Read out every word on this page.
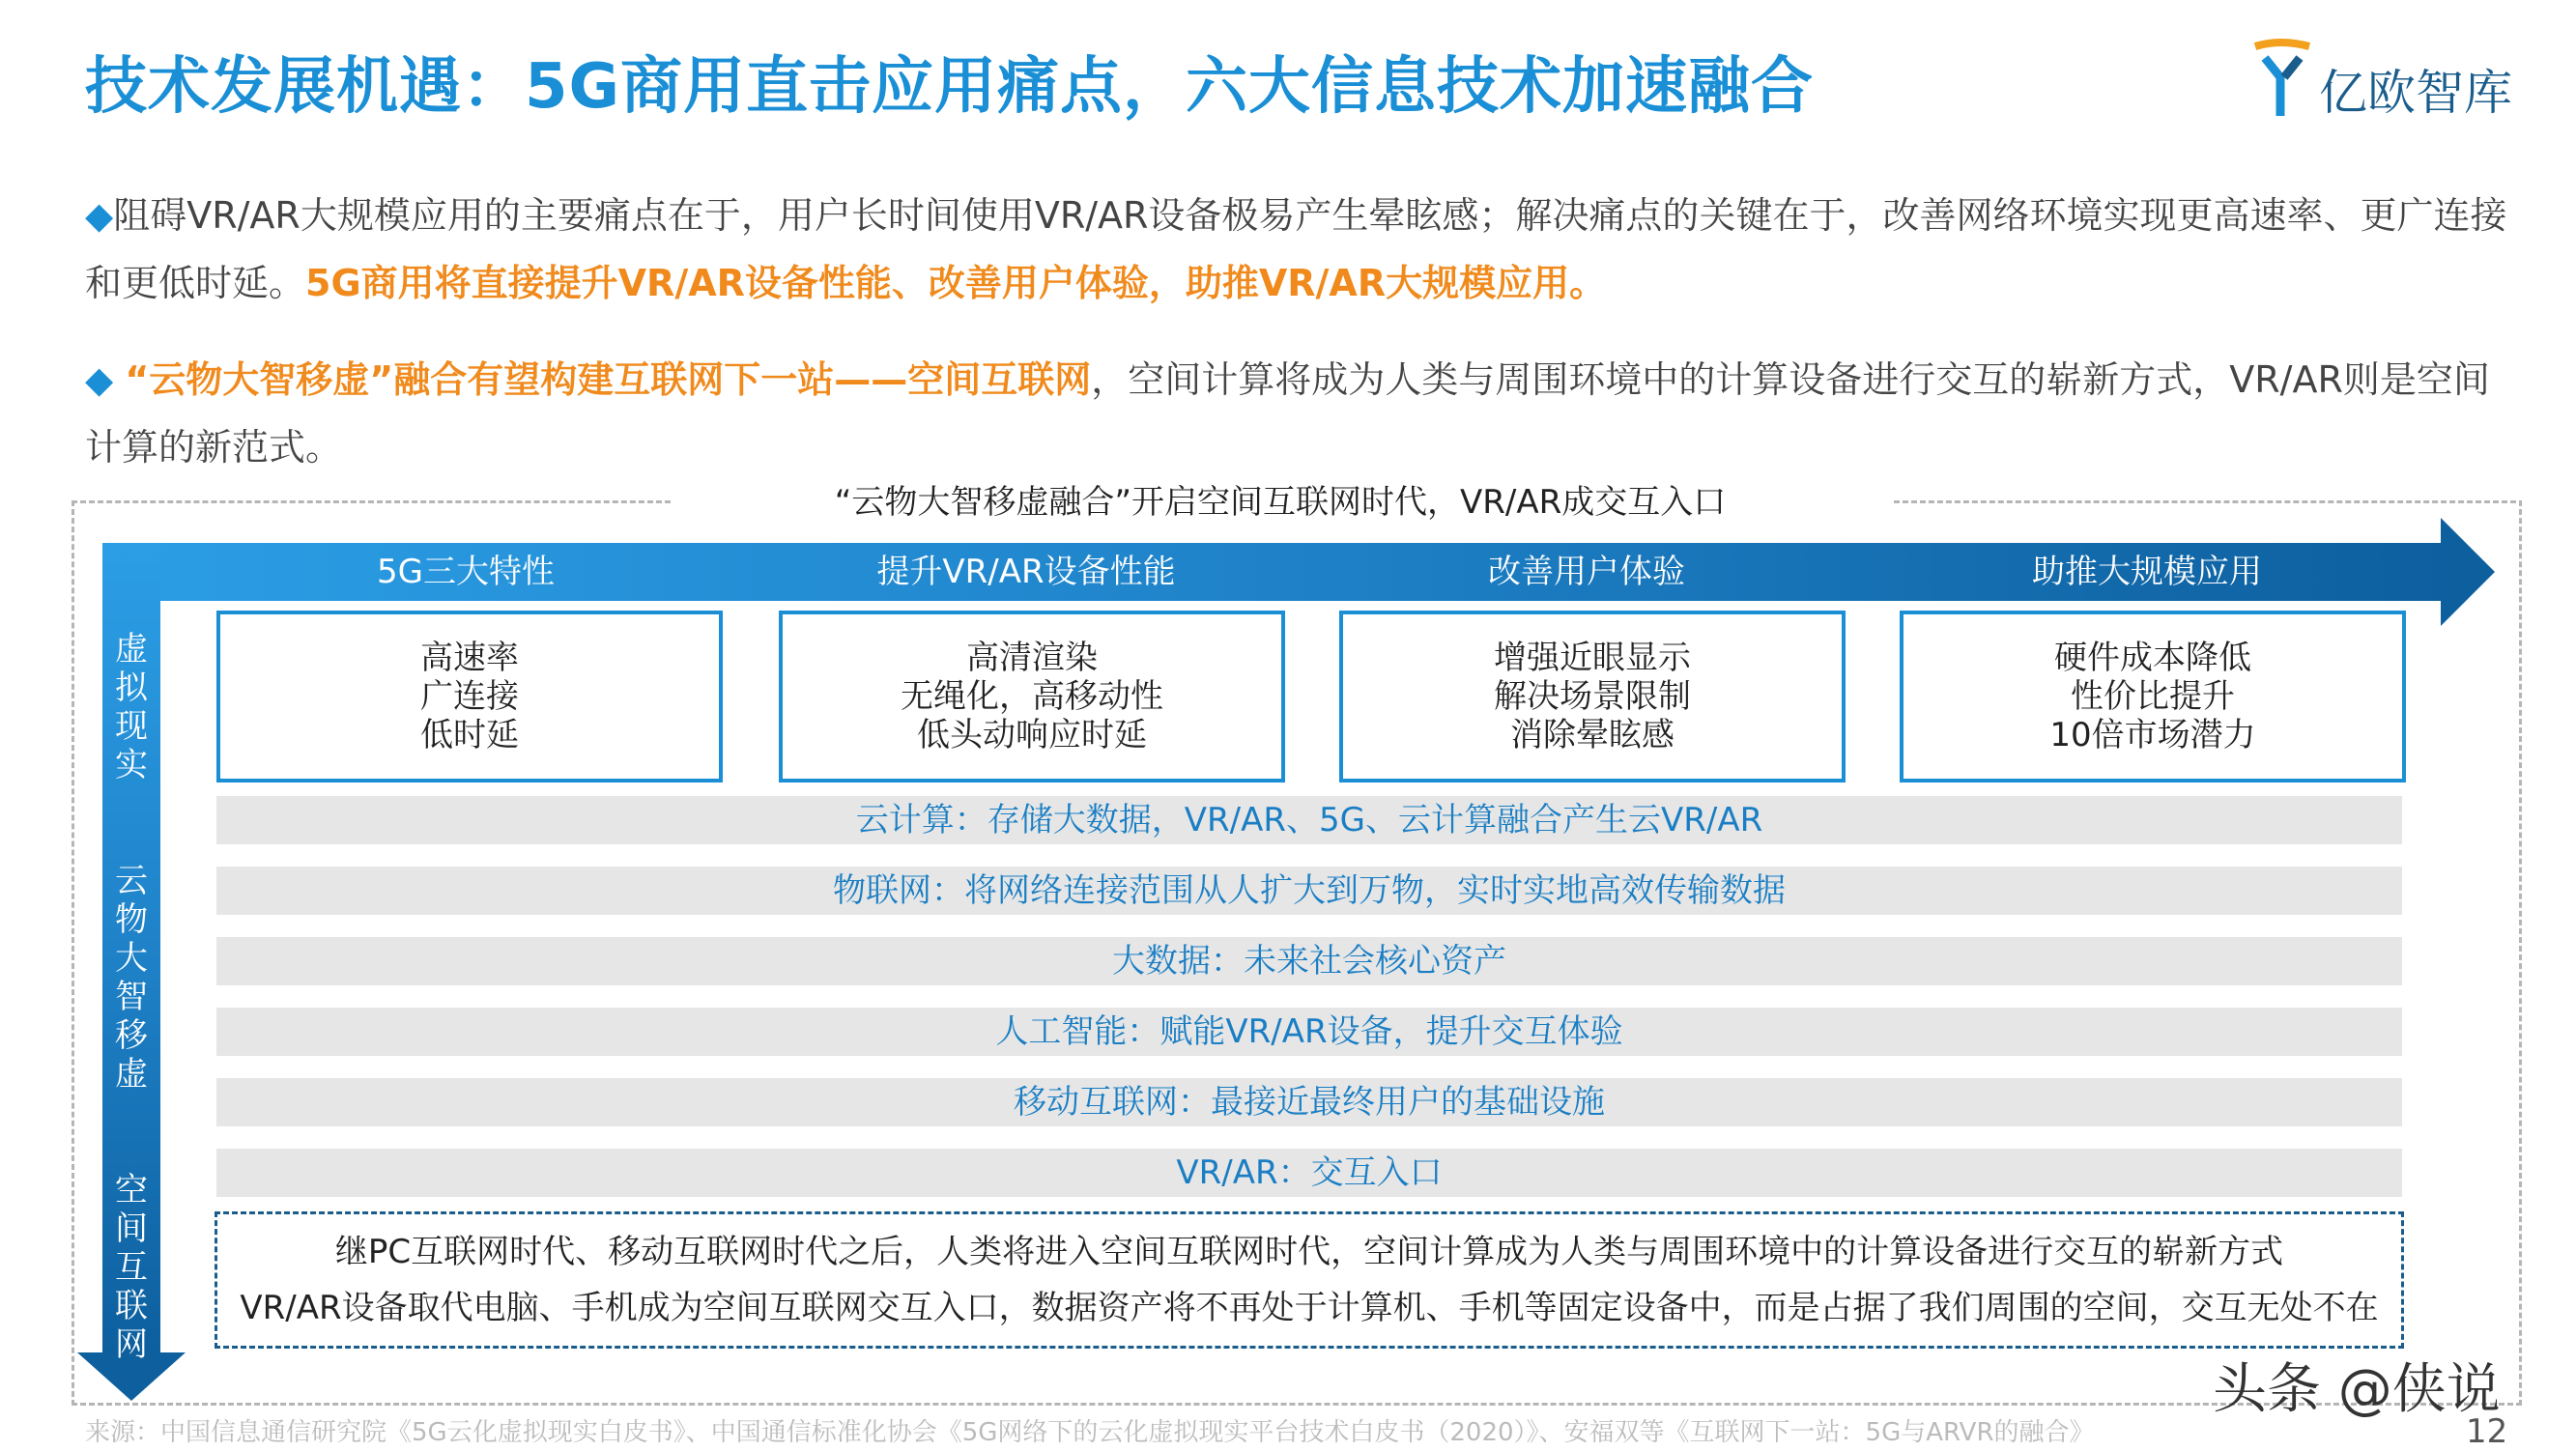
技术发展机遇：5G商用直击应用痛点，六大信息技术加速融合	亿欧智库
◆阻碍VR/AR大规模应用的主要痛点在于，用户长时间使用VR/AR设备极易产生晕眩感；解决痛点的关键在于，改善网络环境实现更高速率、更广连接和更低时延。5G商用将直接提升VR/AR设备性能、改善用户体验，助推VR/AR大规模应用。
◆ “云物大智移虚”融合有望构建互联网下一站——空间互联网，空间计算将成为人类与周围环境中的计算设备进行交互的崭新方式，VR/AR则是空间计算的新范式。
“云物大智移虚融合”开启空间互联网时代，VR/AR成交互入口
5G三大特性	提升VR/AR设备性能	改善用户体验	助推大规模应用
虚拟现实
云物大智移虚
空间互联网
高速率
广连接
低时延
高清渲染
无绳化，高移动性
低头动响应时延
增强近眼显示
解决场景限制
消除晕眩感
硬件成本降低
性价比提升
10倍市场潜力
云计算：存储大数据，VR/AR、5G、云计算融合产生云VR/AR
物联网：将网络连接范围从人扩大到万物，实时实地高效传输数据
大数据：未来社会核心资产
人工智能：赋能VR/AR设备，提升交互体验
移动互联网：最接近最终用户的基础设施
VR/AR：交互入口
继PC互联网时代、移动互联网时代之后，人类将进入空间互联网时代，空间计算成为人类与周围环境中的计算设备进行交互的崭新方式
VR/AR设备取代电脑、手机成为空间互联网交互入口，数据资产将不再处于计算机、手机等固定设备中，而是占据了我们周围的空间，交互无处不在
来源：中国信息通信研究院《5G云化虚拟现实白皮书》、中国通信标准化协会《5G网络下的云化虚拟现实平台技术白皮书（2020）》、安福双等《互联网下一站：5G与ARVR的融合》
头条 @侠说
12
